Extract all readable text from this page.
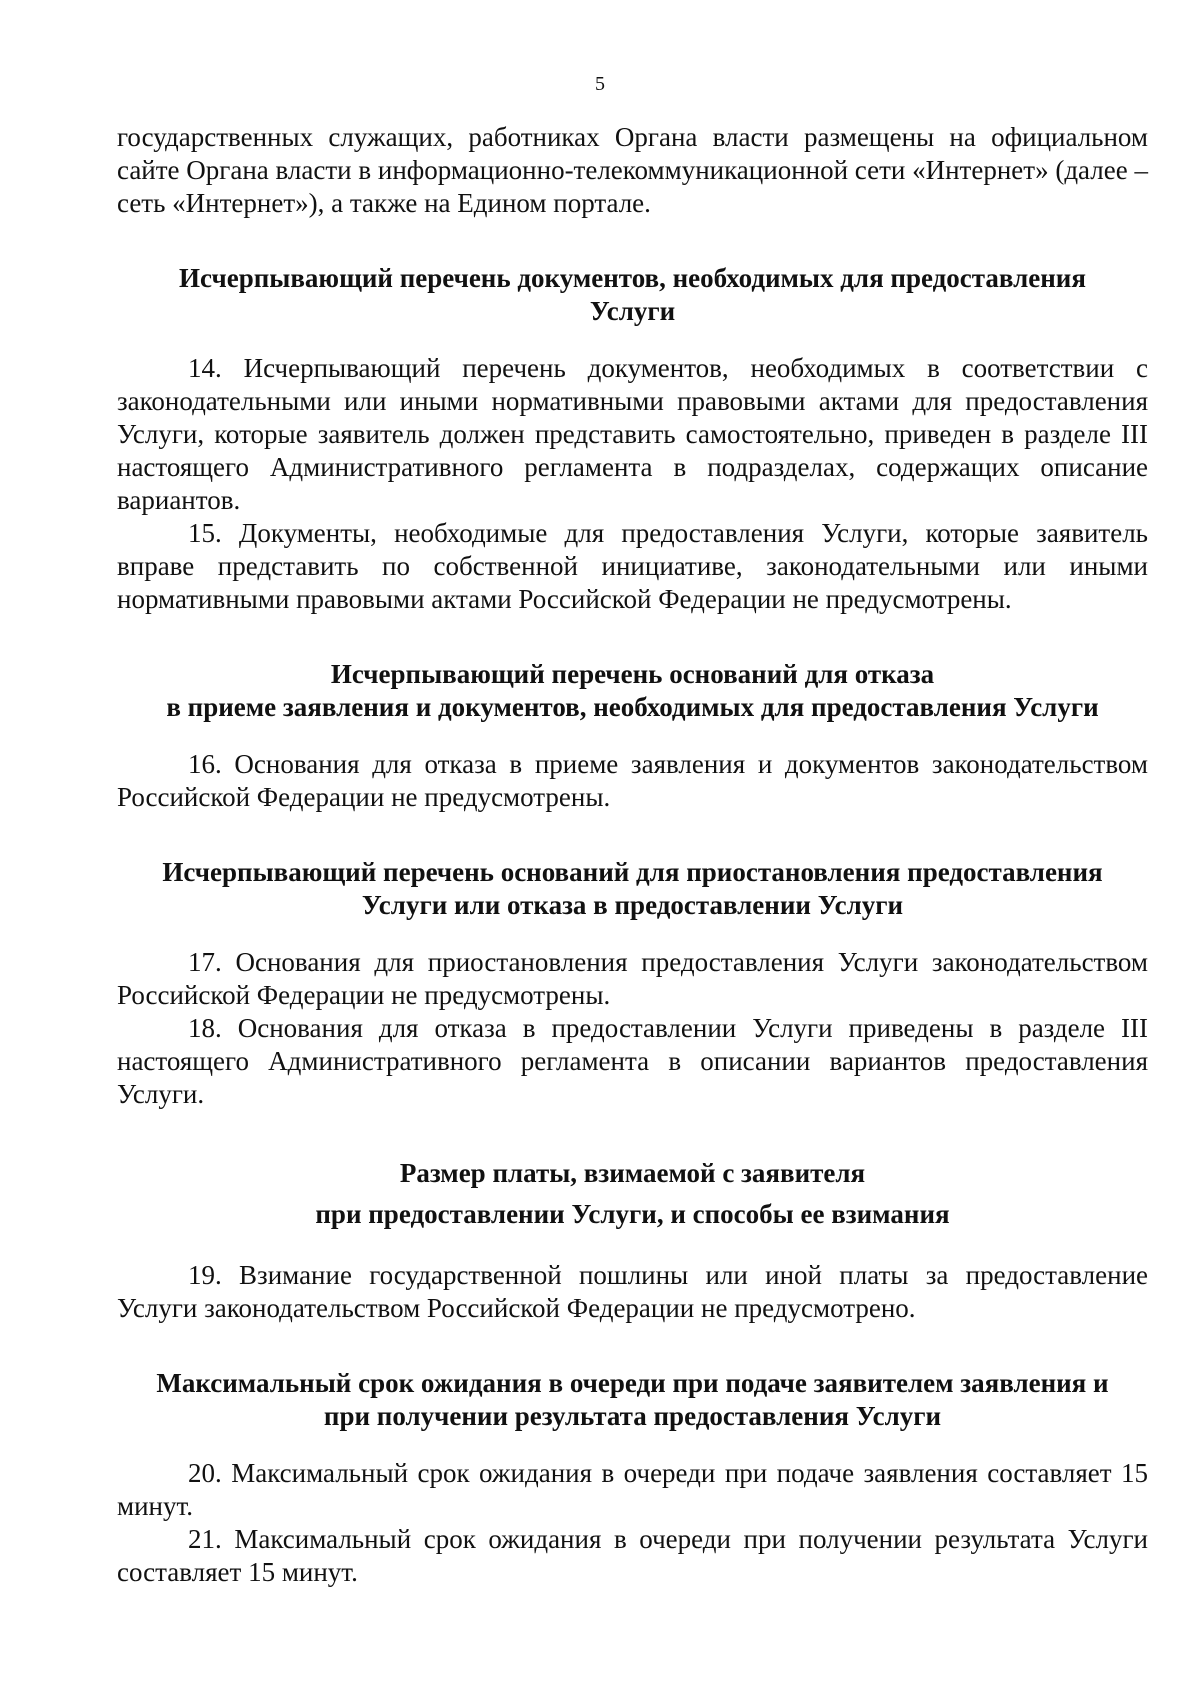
5

государственных служащих, работниках Органа власти размещены на официальном сайте Органа власти в информационно-телекоммуникационной сети «Интернет» (далее – сеть «Интернет»), а также на Едином портале.

Исчерпывающий перечень документов, необходимых для предоставления
Услуги

14. Исчерпывающий перечень документов, необходимых в соответствии с законодательными или иными нормативными правовыми актами для предоставления Услуги, которые заявитель должен представить самостоятельно, приведен в разделе III настоящего Административного регламента в подразделах, содержащих описание вариантов.

15. Документы, необходимые для предоставления Услуги, которые заявитель вправе представить по собственной инициативе, законодательными или иными нормативными правовыми актами Российской Федерации не предусмотрены.

Исчерпывающий перечень оснований для отказа
в приеме заявления и документов, необходимых для предоставления Услуги

16. Основания для отказа в приеме заявления и документов законодательством Российской Федерации не предусмотрены.

Исчерпывающий перечень оснований для приостановления предоставления
Услуги или отказа в предоставлении Услуги

17. Основания для приостановления предоставления Услуги законодательством Российской Федерации не предусмотрены.

18. Основания для отказа в предоставлении Услуги приведены в разделе III настоящего Административного регламента в описании вариантов предоставления Услуги.

Размер платы, взимаемой с заявителя
при предоставлении Услуги, и способы ее взимания

19. Взимание государственной пошлины или иной платы за предоставление Услуги законодательством Российской Федерации не предусмотрено.

Максимальный срок ожидания в очереди при подаче заявителем заявления и
при получении результата предоставления Услуги

20. Максимальный срок ожидания в очереди при подаче заявления составляет 15 минут.

21. Максимальный срок ожидания в очереди при получении результата Услуги составляет 15 минут.
